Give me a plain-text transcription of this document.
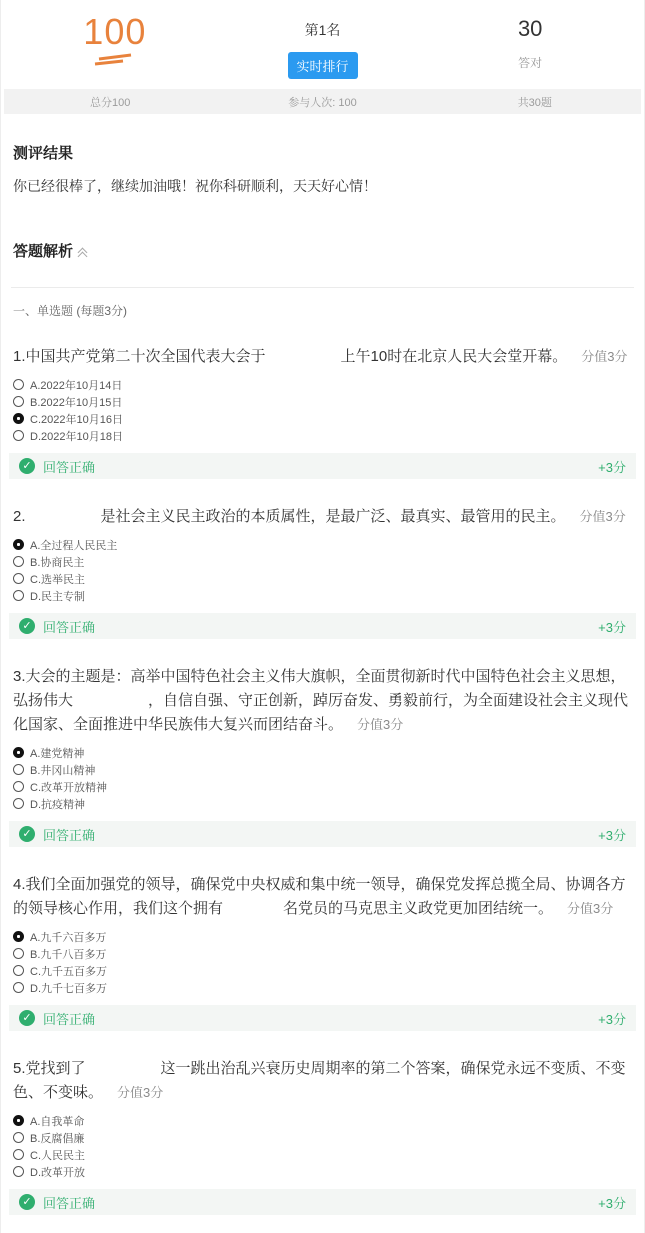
100	第1名
实时排行
30
答对
总分100	参与人次: 100	共30题
测评结果
你已经很棒了，继续加油哦！祝你科研顺利，天天好心情！
答题解析
一、单选题 (每题3分)
1.中国共产党第二十次全国代表大会于　　　　　上午10时在北京人民大会堂开幕。 分值3分
A.2022年10月14日
B.2022年10月15日
C.2022年10月16日
D.2022年10月18日
✓ 回答正确	+3分
2.　　　　　是社会主义民主政治的本质属性，是最广泛、最真实、最管用的民主。 分值3分
A.全过程人民民主
B.协商民主
C.选举民主
D.民主专制
✓ 回答正确	+3分
3.大会的主题是：高举中国特色社会主义伟大旗帜，全面贯彻新时代中国特色社会主义思想，弘扬伟大　　　　　，自信自强、守正创新，踔厉奋发、勇毅前行，为全面建设社会主义现代化国家、全面推进中华民族伟大复兴而团结奋斗。 分值3分
A.建党精神
B.井冈山精神
C.改革开放精神
D.抗疫精神
✓ 回答正确	+3分
4.我们全面加强党的领导，确保党中央权威和集中统一领导，确保党发挥总揽全局、协调各方的领导核心作用，我们这个拥有　　　　名党员的马克思主义政党更加团结统一。 分值3分
A.九千六百多万
B.九千八百多万
C.九千五百多万
D.九千七百多万
✓ 回答正确	+3分
5.党找到了　　　　　这一跳出治乱兴衰历史周期率的第二个答案，确保党永远不变质、不变色、不变味。 分值3分
A.自我革命
B.反腐倡廉
C.人民民主
D.改革开放
✓ 回答正确	+3分
